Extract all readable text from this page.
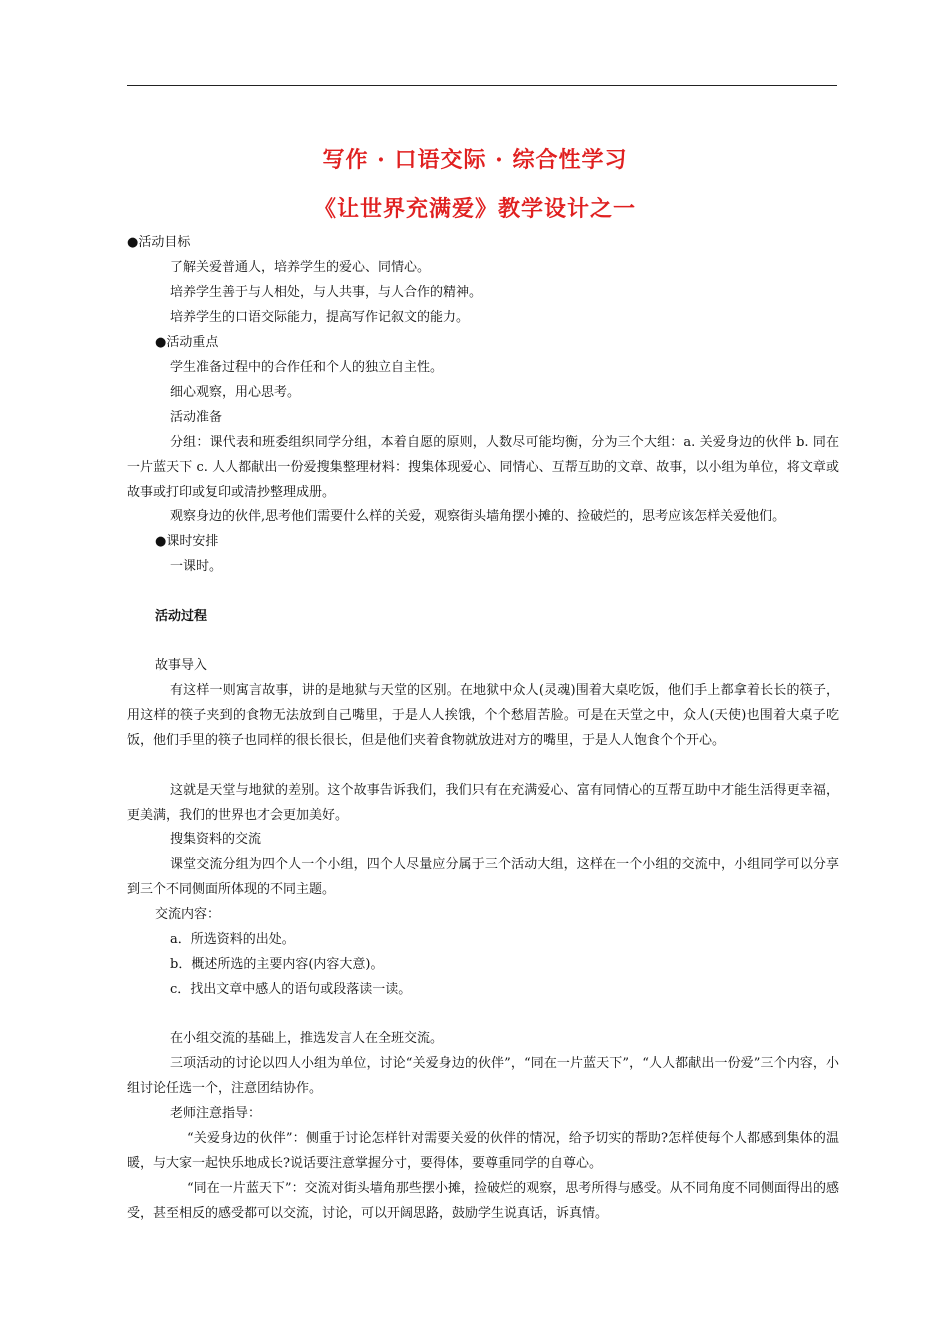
写作 · 口语交际 · 综合性学习
《让世界充满爱》教学设计之一
●活动目标
了解关爱普通人，培养学生的爱心、同情心。
培养学生善于与人相处，与人共事，与人合作的精神。
培养学生的口语交际能力，提高写作记叙文的能力。
●活动重点
学生准备过程中的合作任和个人的独立自主性。
细心观察，用心思考。
活动准备
分组：课代表和班委组织同学分组，本着自愿的原则，人数尽可能均衡，分为三个大组：a. 关爱身边的伙伴 b. 同在一片蓝天下 c. 人人都献出一份爱搜集整理材料：搜集体现爱心、同情心、互帮互助的文章、故事，以小组为单位，将文章或故事或打印或复印或清抄整理成册。
观察身边的伙伴,思考他们需要什么样的关爱，观察街头墙角摆小摊的、捡破烂的，思考应该怎样关爱他们。
●课时安排
一课时。
活动过程
故事导入
有这样一则寓言故事，讲的是地狱与天堂的区别。在地狱中众人(灵魂)围着大桌吃饭，他们手上都拿着长长的筷子，用这样的筷子夹到的食物无法放到自己嘴里，于是人人挨饿，个个愁眉苦脸。可是在天堂之中，众人(天使)也围着大桌子吃饭，他们手里的筷子也同样的很长很长，但是他们夹着食物就放进对方的嘴里，于是人人饱食个个开心。
这就是天堂与地狱的差别。这个故事告诉我们，我们只有在充满爱心、富有同情心的互帮互助中才能生活得更幸福，更美满，我们的世界也才会更加美好。
搜集资料的交流
课堂交流分组为四个人一个小组，四个人尽量应分属于三个活动大组，这样在一个小组的交流中，小组同学可以分享到三个不同侧面所体现的不同主题。
交流内容：
a．所选资料的出处。
b．概述所选的主要内容(内容大意)。
c．找出文章中感人的语句或段落读一读。
在小组交流的基础上，推选发言人在全班交流。
三项活动的讨论以四人小组为单位，讨论“关爱身边的伙伴”，“同在一片蓝天下”，“人人都献出一份爱”三个内容，小组讨论任选一个，注意团结协作。
老师注意指导：
“关爱身边的伙伴”：侧重于讨论怎样针对需要关爱的伙伴的情况，给予切实的帮助?怎样使每个人都感到集体的温暖，与大家一起快乐地成长?说话要注意掌握分寸，要得体，要尊重同学的自尊心。
“同在一片蓝天下”：交流对街头墙角那些摆小摊，捡破烂的观察，思考所得与感受。从不同角度不同侧面得出的感受，甚至相反的感受都可以交流，讨论，可以开阔思路，鼓励学生说真话，诉真情。
